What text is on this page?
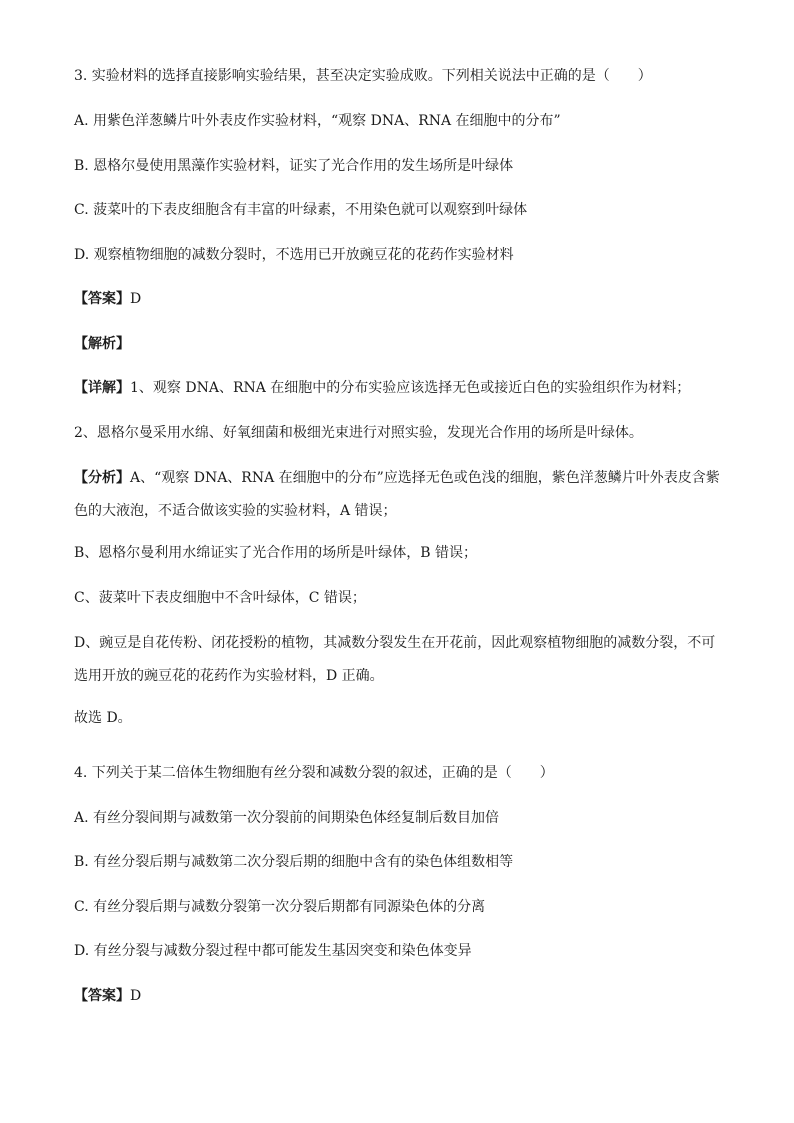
3. 实验材料的选择直接影响实验结果，甚至决定实验成败。下列相关说法中正确的是（　　）
A. 用紫色洋葱鳞片叶外表皮作实验材料，“观察 DNA、RNA 在细胞中的分布”
B. 恩格尔曼使用黑藻作实验材料，证实了光合作用的发生场所是叶绿体
C. 菠菜叶的下表皮细胞含有丰富的叶绿素，不用染色就可以观察到叶绿体
D. 观察植物细胞的减数分裂时，不选用已开放豌豆花的花药作实验材料
【答案】D
【解析】
【详解】1、观察 DNA、RNA 在细胞中的分布实验应该选择无色或接近白色的实验组织作为材料；
2、恩格尔曼采用水绵、好氧细菌和极细光束进行对照实验，发现光合作用的场所是叶绿体。
【分析】A、“观察 DNA、RNA 在细胞中的分布”应选择无色或色浅的细胞，紫色洋葱鳞片叶外表皮含紫色的大液泡，不适合做该实验的实验材料，A 错误；
B、恩格尔曼利用水绵证实了光合作用的场所是叶绿体，B 错误；
C、菠菜叶下表皮细胞中不含叶绿体，C 错误；
D、豌豆是自花传粉、闭花授粉的植物，其减数分裂发生在开花前，因此观察植物细胞的减数分裂，不可选用开放的豌豆花的花药作为实验材料，D 正确。
故选 D。
4. 下列关于某二倍体生物细胞有丝分裂和减数分裂的叙述，正确的是（　　）
A. 有丝分裂间期与减数第一次分裂前的间期染色体经复制后数目加倍
B. 有丝分裂后期与减数第二次分裂后期的细胞中含有的染色体组数相等
C. 有丝分裂后期与减数分裂第一次分裂后期都有同源染色体的分离
D. 有丝分裂与减数分裂过程中都可能发生基因突变和染色体变异
【答案】D
